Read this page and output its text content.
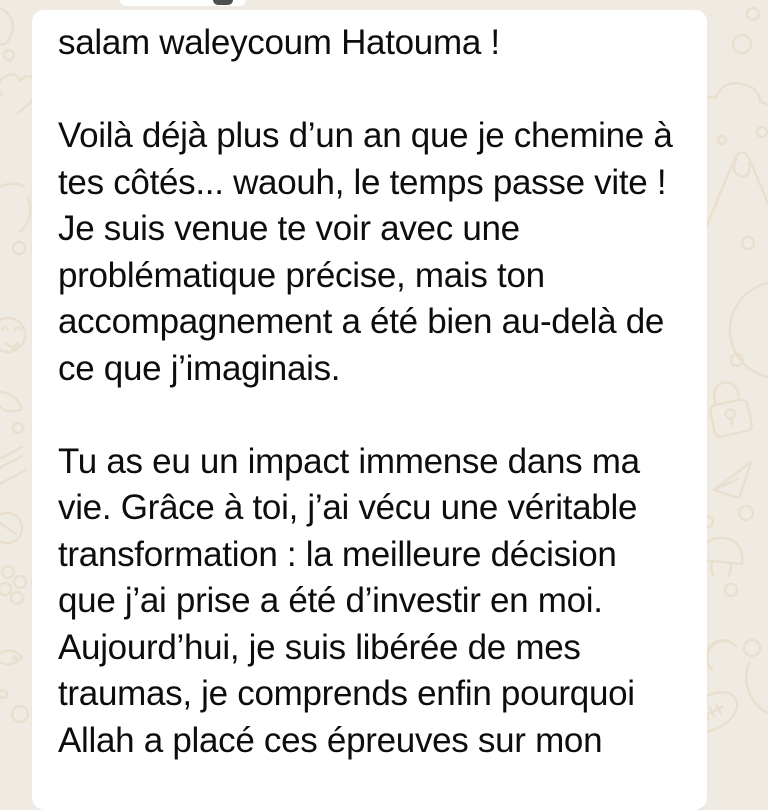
salam waleycoum Hatouma !
Voilà déjà plus d’un an que je chemine à
tes côtés... waouh, le temps passe vite !
Je suis venue te voir avec une
problématique précise, mais ton
accompagnement a été bien au-delà de
ce que j’imaginais.
Tu as eu un impact immense dans ma
vie. Grâce à toi, j’ai vécu une véritable
transformation : la meilleure décision
que j’ai prise a été d’investir en moi.
Aujourd’hui, je suis libérée de mes
traumas, je comprends enfin pourquoi
Allah a placé ces épreuves sur mon
